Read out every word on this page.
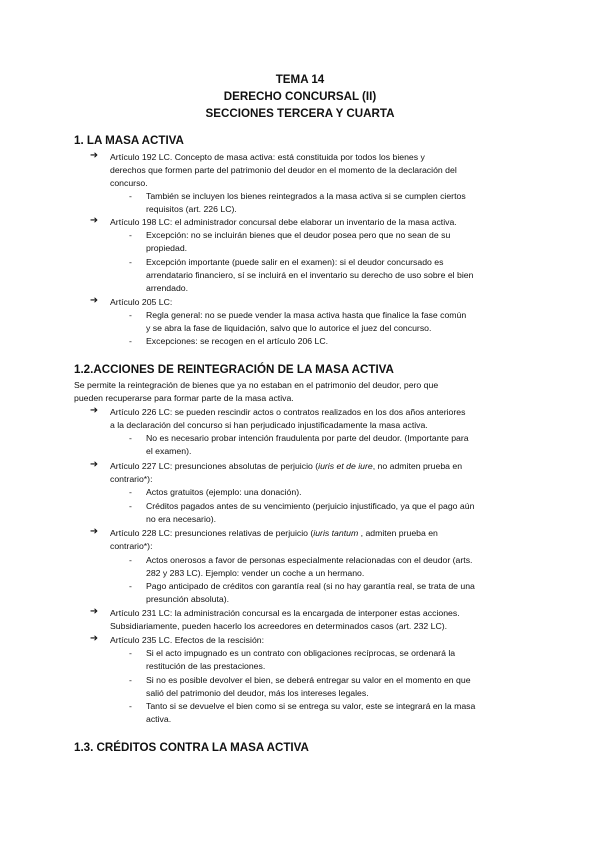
TEMA 14
DERECHO CONCURSAL (II)
SECCIONES TERCERA Y CUARTA
1. LA MASA ACTIVA
➔ Artículo 192 LC. Concepto de masa activa: está constituida por todos los bienes y
derechos que formen parte del patrimonio del deudor en el momento de la declaración del
concurso.
- También se incluyen los bienes reintegrados a la masa activa si se cumplen ciertos
requisitos (art. 226 LC).
➔ Artículo 198 LC: el administrador concursal debe elaborar un inventario de la masa activa.
- Excepción: no se incluirán bienes que el deudor posea pero que no sean de su
propiedad.
- Excepción importante (puede salir en el examen): si el deudor concursado es
arrendatario financiero, sí se incluirá en el inventario su derecho de uso sobre el bien
arrendado.
➔ Artículo 205 LC:
- Regla general: no se puede vender la masa activa hasta que finalice la fase común
y se abra la fase de liquidación, salvo que lo autorice el juez del concurso.
- Excepciones: se recogen en el artículo 206 LC.
1.2.ACCIONES DE REINTEGRACIÓN DE LA MASA ACTIVA
Se permite la reintegración de bienes que ya no estaban en el patrimonio del deudor, pero que
pueden recuperarse para formar parte de la masa activa.
➔ Artículo 226 LC: se pueden rescindir actos o contratos realizados en los dos años anteriores
a la declaración del concurso si han perjudicado injustificadamente la masa activa.
- No es necesario probar intención fraudulenta por parte del deudor. (Importante para
el examen).
➔ Artículo 227 LC: presunciones absolutas de perjuicio (iuris et de iure, no admiten prueba en
contrario*):
- Actos gratuitos (ejemplo: una donación).
- Créditos pagados antes de su vencimiento (perjuicio injustificado, ya que el pago aún
no era necesario).
➔ Artículo 228 LC: presunciones relativas de perjuicio (iuris tantum , admiten prueba en
contrario*):
- Actos onerosos a favor de personas especialmente relacionadas con el deudor (arts.
282 y 283 LC). Ejemplo: vender un coche a un hermano.
- Pago anticipado de créditos con garantía real (si no hay garantía real, se trata de una
presunción absoluta).
➔ Artículo 231 LC: la administración concursal es la encargada de interponer estas acciones.
Subsidiariamente, pueden hacerlo los acreedores en determinados casos (art. 232 LC).
➔ Artículo 235 LC. Efectos de la rescisión:
- Si el acto impugnado es un contrato con obligaciones recíprocas, se ordenará la
restitución de las prestaciones.
- Si no es posible devolver el bien, se deberá entregar su valor en el momento en que
salió del patrimonio del deudor, más los intereses legales.
- Tanto si se devuelve el bien como si se entrega su valor, este se integrará en la masa
activa.
1.3. CRÉDITOS CONTRA LA MASA ACTIVA
